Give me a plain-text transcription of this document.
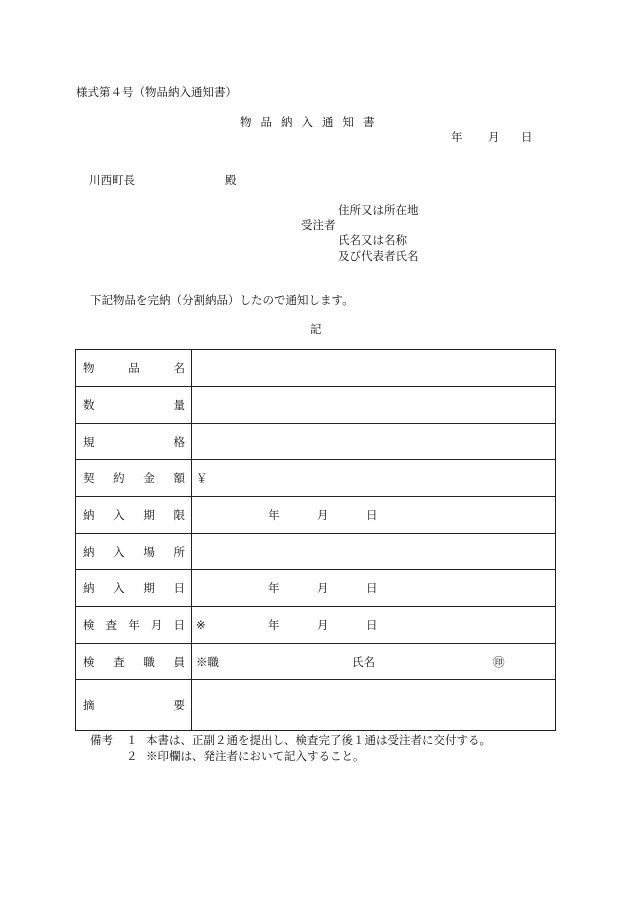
様式第４号（物品納入通知書）
物品納入通知書
年 月 日
川西町長	殿
住所又は所在地
受注者
氏名又は名称
及び代表者氏名
下記物品を完納（分割納品）したので通知します。
記
物 品 名	

数 量	

規 格	

契 約 金 額	￥

納 入 期 限	年 月 日

納 入 場 所	

納 入 期 日	年 月 日

検 査 年 月 日	※ 年 月 日

検 査 職 員	※職 氏名 ㊞

摘 要	

備考 １ 本書は、正副２通を提出し、検査完了後１通は受注者に交付する。
２ ※印欄は、発注者において記入すること。
